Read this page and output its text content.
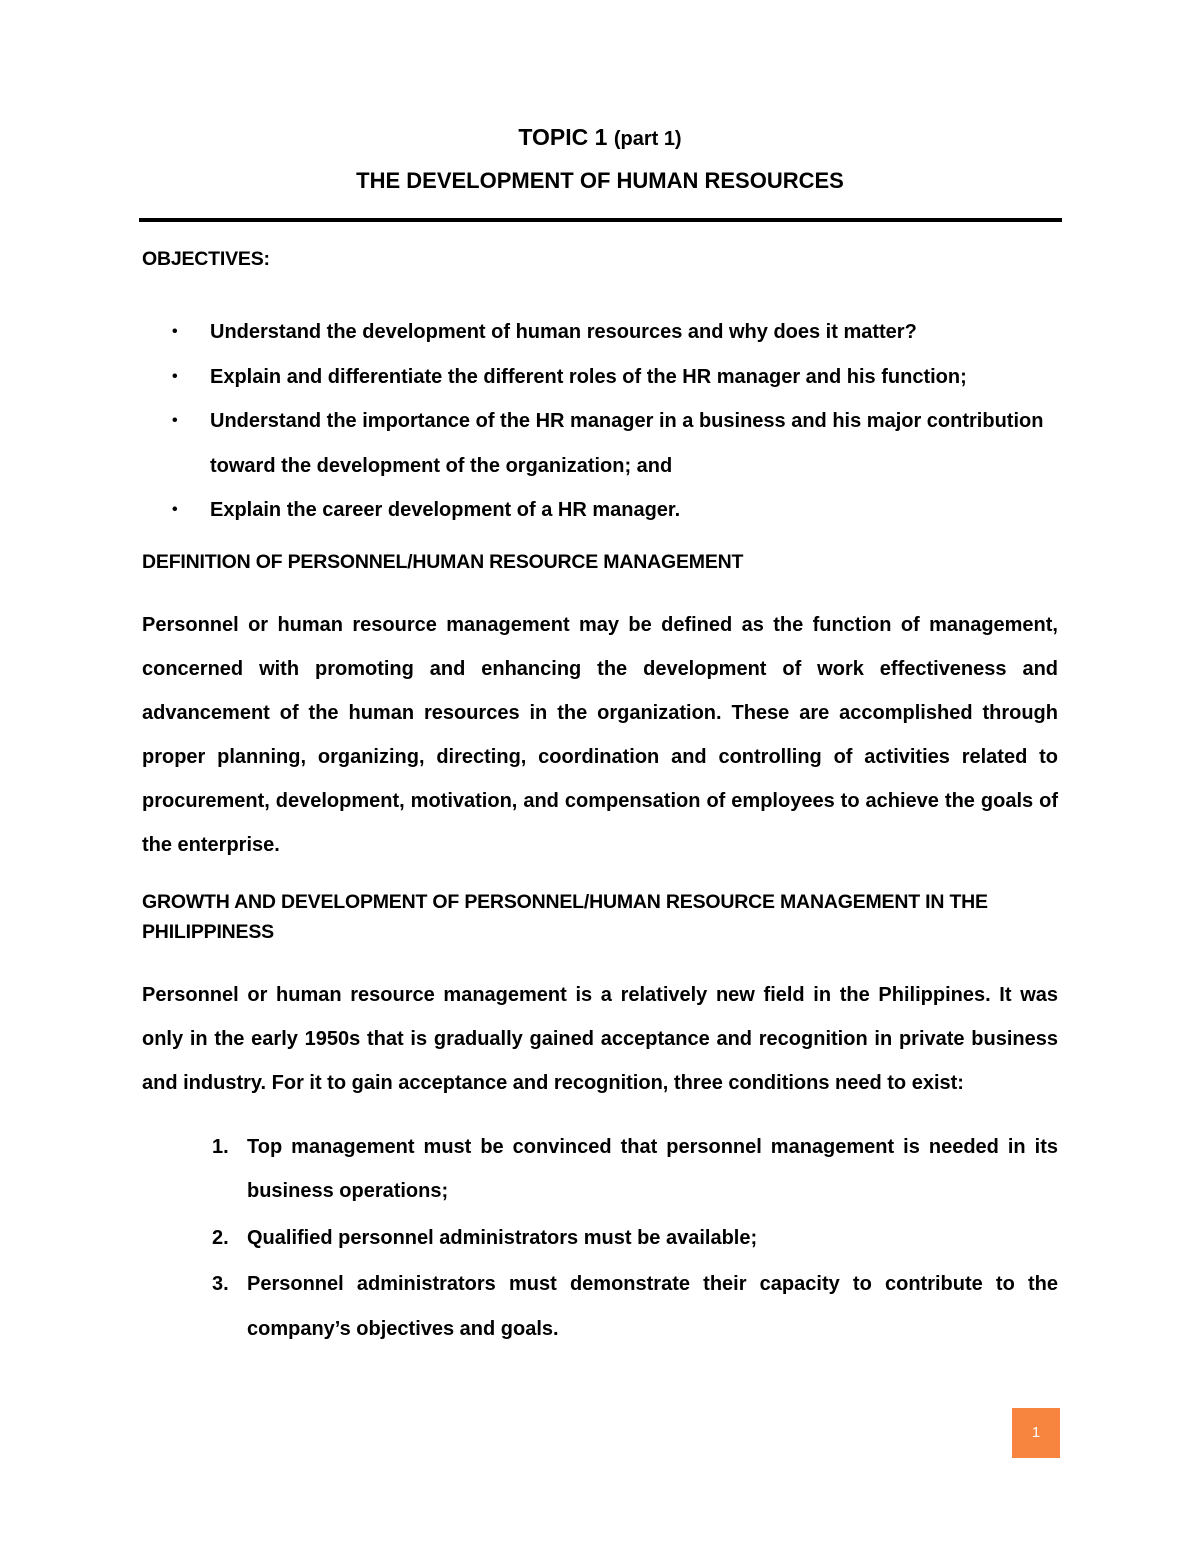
TOPIC 1 (part 1)
THE DEVELOPMENT OF HUMAN RESOURCES
OBJECTIVES:
• Understand the development of human resources and why does it matter?
• Explain and differentiate the different roles of the HR manager and his function;
• Understand the importance of the HR manager in a business and his major contribution toward the development of the organization; and
• Explain the career development of a HR manager.
DEFINITION OF PERSONNEL/HUMAN RESOURCE MANAGEMENT

Personnel or human resource management may be defined as the function of management, concerned with promoting and enhancing the development of work effectiveness and advancement of the human resources in the organization. These are accomplished through proper planning, organizing, directing, coordination and controlling of activities related to procurement, development, motivation, and compensation of employees to achieve the goals of the enterprise.

GROWTH AND DEVELOPMENT OF PERSONNEL/HUMAN RESOURCE MANAGEMENT IN THE PHILIPPINESS

Personnel or human resource management is a relatively new field in the Philippines. It was only in the early 1950s that is gradually gained acceptance and recognition in private business and industry. For it to gain acceptance and recognition, three conditions need to exist:

1. Top management must be convinced that personnel management is needed in its business operations;
2. Qualified personnel administrators must be available;
3. Personnel administrators must demonstrate their capacity to contribute to the company’s objectives and goals.
1
